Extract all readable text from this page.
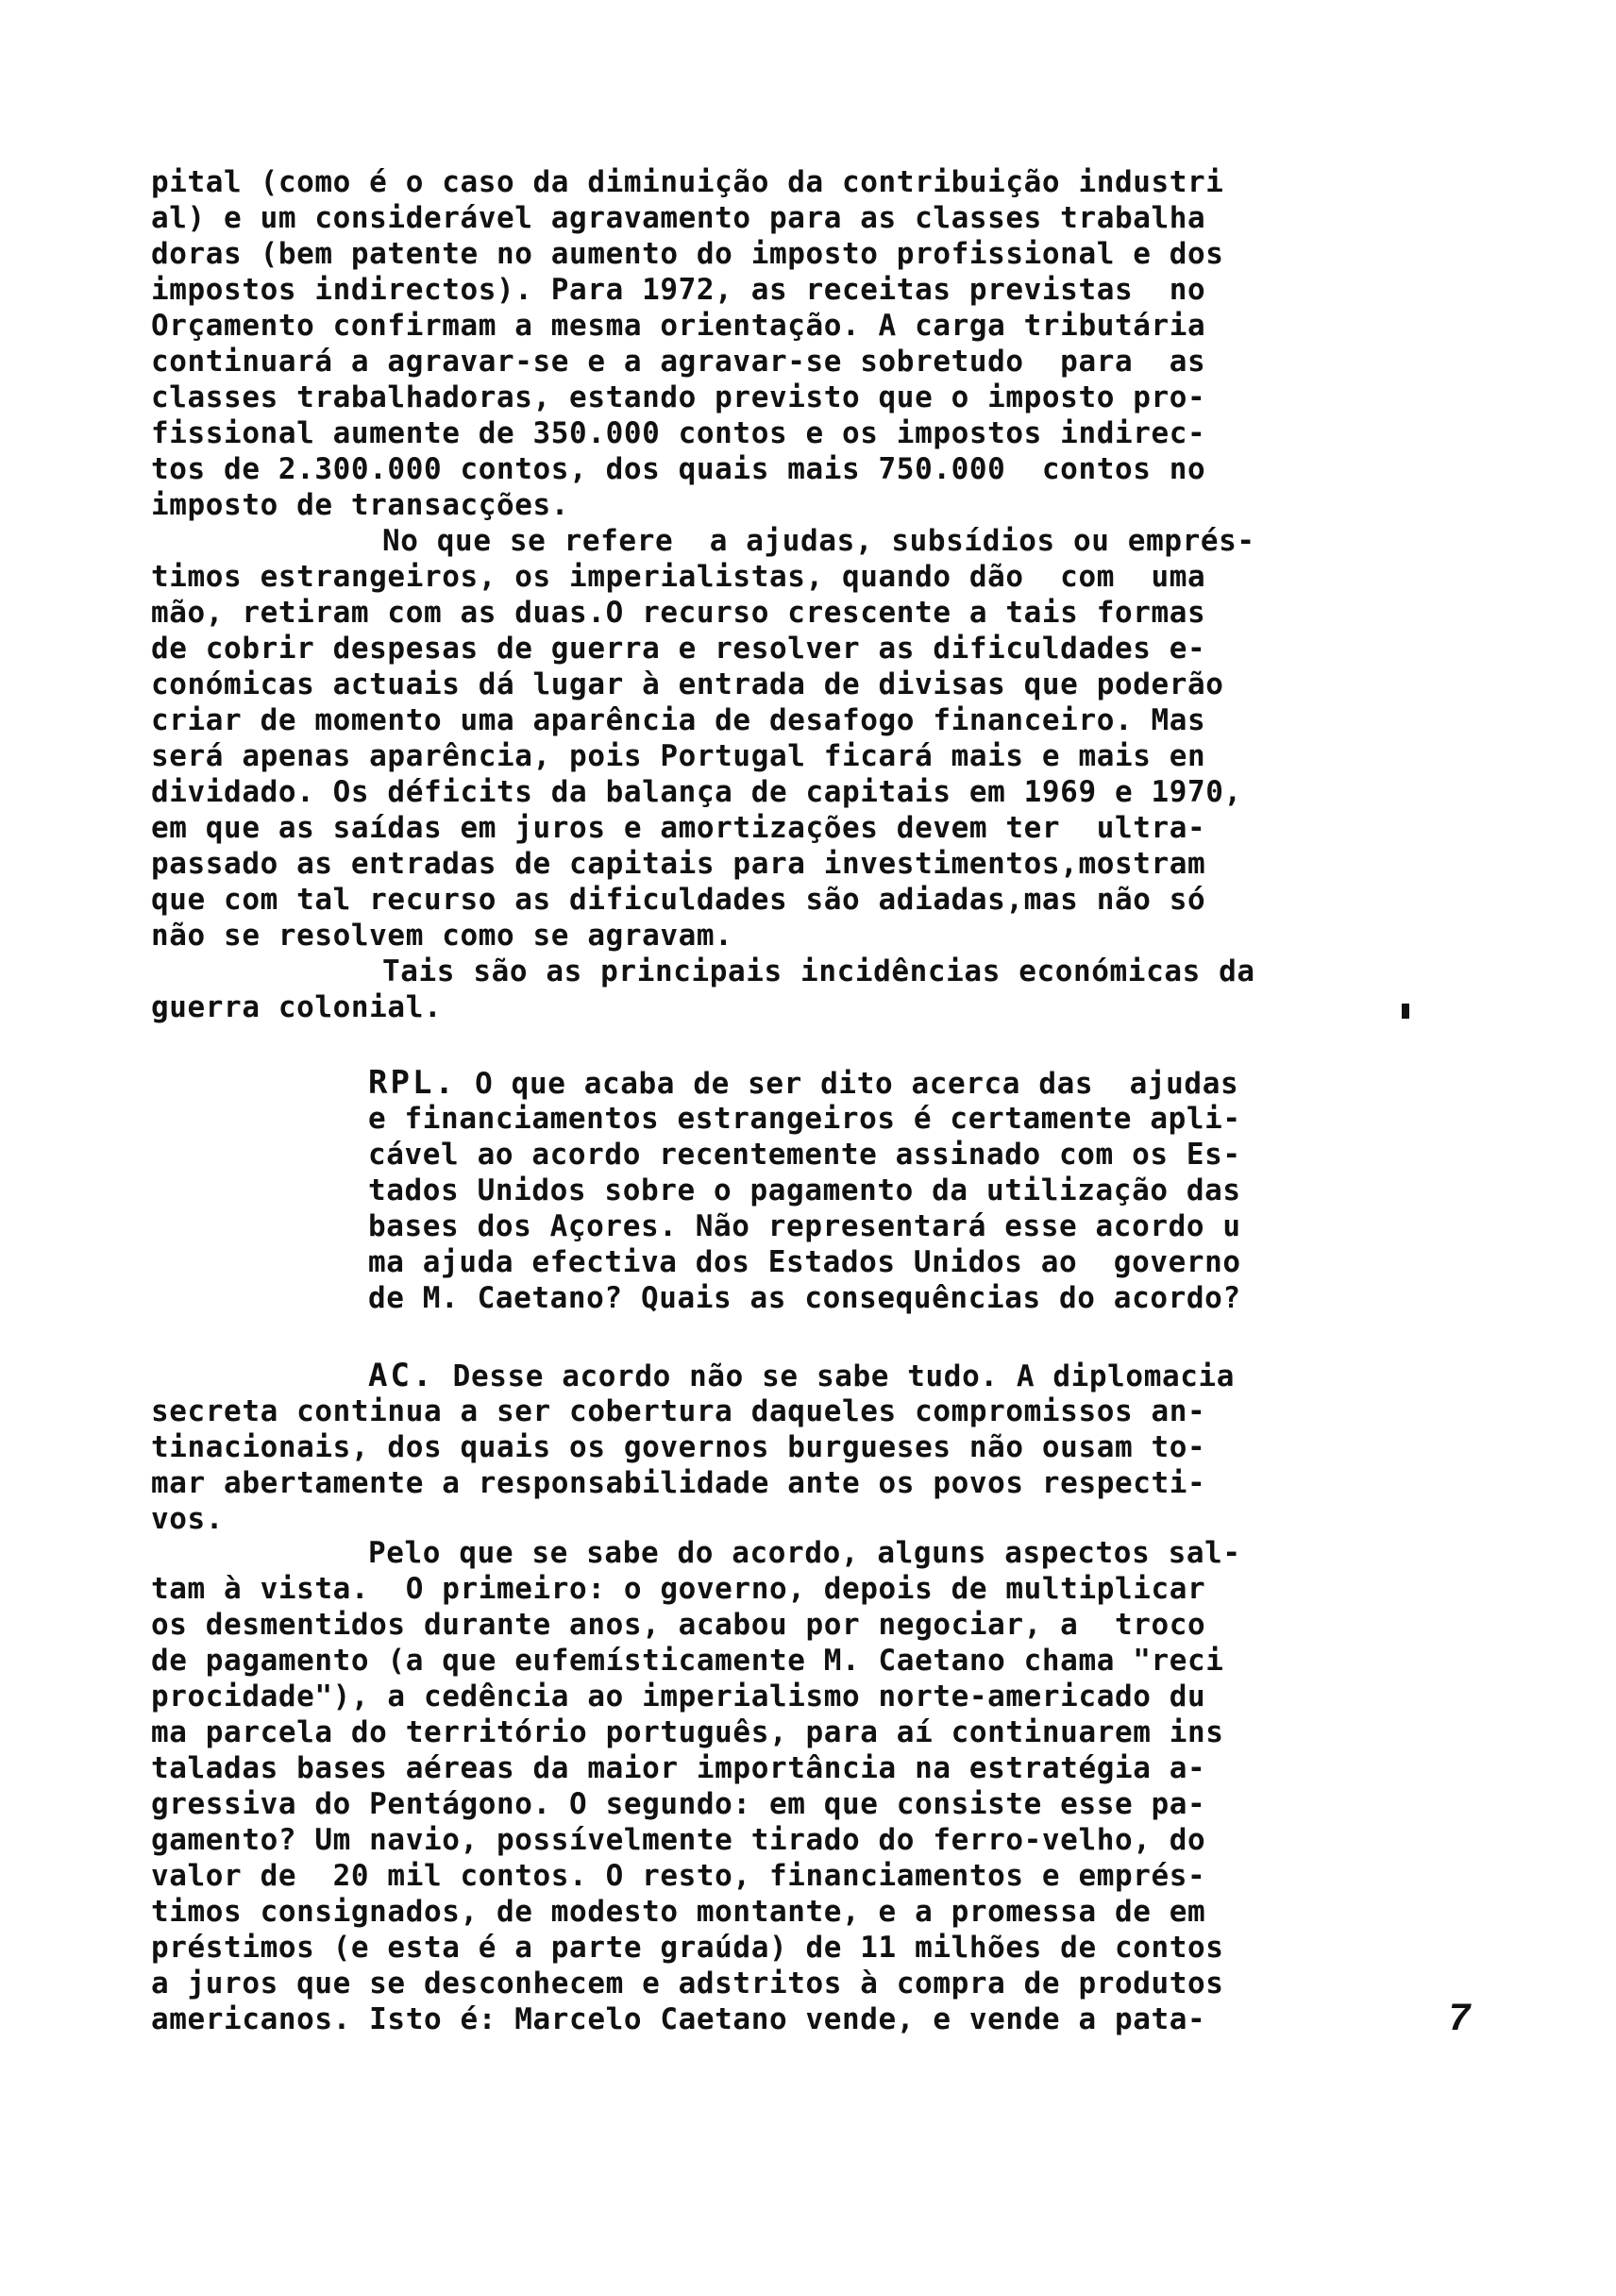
pital (como é o caso da diminuição da contribuição industri
al) e um considerável agravamento para as classes trabalha
doras (bem patente no aumento do imposto profissional e dos
impostos indirectos). Para 1972, as receitas previstas  no
Orçamento confirmam a mesma orientação. A carga tributária
continuará a agravar-se e a agravar-se sobretudo  para  as
classes trabalhadoras, estando previsto que o imposto pro-
fissional aumente de 350.000 contos e os impostos indirec-
tos de 2.300.000 contos, dos quais mais 750.000  contos no
imposto de transacções.
No que se refere  a ajudas, subsídios ou emprés-
timos estrangeiros, os imperialistas, quando dão  com  uma
mão, retiram com as duas.O recurso crescente a tais formas
de cobrir despesas de guerra e resolver as dificuldades e-
conómicas actuais dá lugar à entrada de divisas que poderão
criar de momento uma aparência de desafogo financeiro. Mas
será apenas aparência, pois Portugal ficará mais e mais en
dividado. Os déficits da balança de capitais em 1969 e 1970,
em que as saídas em juros e amortizações devem ter  ultra-
passado as entradas de capitais para investimentos,mostram
que com tal recurso as dificuldades são adiadas,mas não só
não se resolvem como se agravam.
Tais são as principais incidências económicas da
guerra colonial.
RPL. O que acaba de ser dito acerca das  ajudas
e financiamentos estrangeiros é certamente apli-
cável ao acordo recentemente assinado com os Es-
tados Unidos sobre o pagamento da utilização das
bases dos Açores. Não representará esse acordo u
ma ajuda efectiva dos Estados Unidos ao  governo
de M. Caetano? Quais as consequências do acordo?
AC. Desse acordo não se sabe tudo. A diplomacia
secreta continua a ser cobertura daqueles compromissos an-
tinacionais, dos quais os governos burgueses não ousam to-
mar abertamente a responsabilidade ante os povos respecti-
vos.
Pelo que se sabe do acordo, alguns aspectos sal-
tam à vista.  O primeiro: o governo, depois de multiplicar
os desmentidos durante anos, acabou por negociar, a  troco
de pagamento (a que eufemísticamente M. Caetano chama "reci
procidade"), a cedência ao imperialismo norte-americado du
ma parcela do território português, para aí continuarem ins
taladas bases aéreas da maior importância na estratégia a-
gressiva do Pentágono. O segundo: em que consiste esse pa-
gamento? Um navio, possívelmente tirado do ferro-velho, do
valor de  20 mil contos. O resto, financiamentos e emprés-
timos consignados, de modesto montante, e a promessa de em
préstimos (e esta é a parte graúda) de 11 milhões de contos
a juros que se desconhecem e adstritos à compra de produtos
americanos. Isto é: Marcelo Caetano vende, e vende a pata-	7
